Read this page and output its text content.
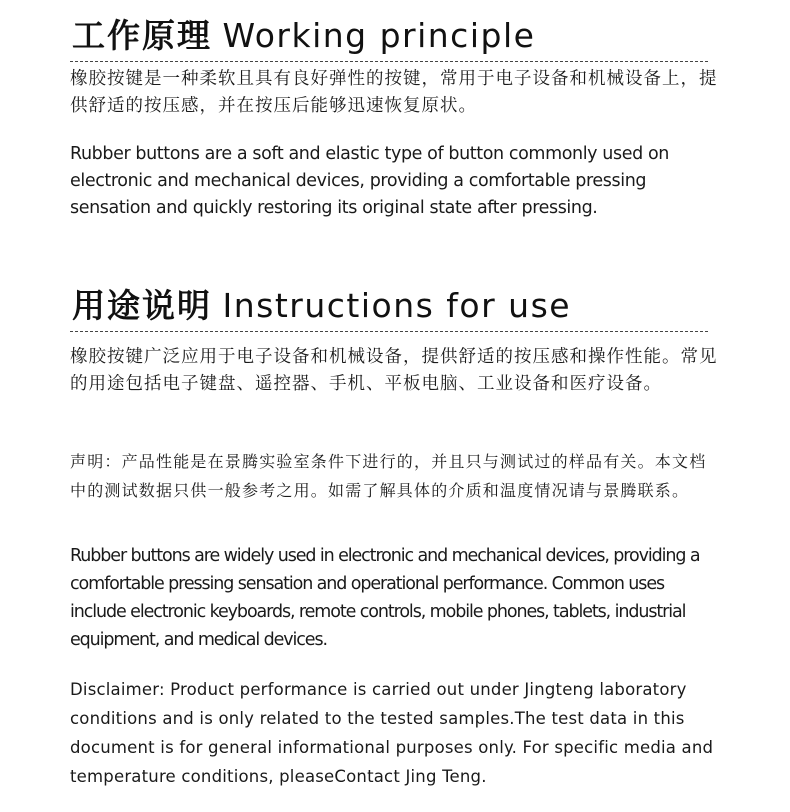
工作原理 Working principle

橡胶按键是一种柔软且具有良好弹性的按键，常用于电子设备和机械设备上，提供舒适的按压感，并在按压后能够迅速恢复原状。

Rubber buttons are a soft and elastic type of button commonly used on electronic and mechanical devices, providing a comfortable pressing sensation and quickly restoring its original state after pressing.

用途说明 Instructions for use

橡胶按键广泛应用于电子设备和机械设备，提供舒适的按压感和操作性能。常见的用途包括电子键盘、遥控器、手机、平板电脑、工业设备和医疗设备。

声明：产品性能是在景腾实验室条件下进行的，并且只与测试过的样品有关。本文档中的测试数据只供一般参考之用。如需了解具体的介质和温度情况请与景腾联系。

Rubber buttons are widely used in electronic and mechanical devices, providing a comfortable pressing sensation and operational performance. Common uses include electronic keyboards, remote controls, mobile phones, tablets, industrial equipment, and medical devices.

Disclaimer: Product performance is carried out under Jingteng laboratory conditions and is only related to the tested samples.The test data in this document is for general informational purposes only. For specific media and temperature conditions, pleaseContact Jing Teng.
